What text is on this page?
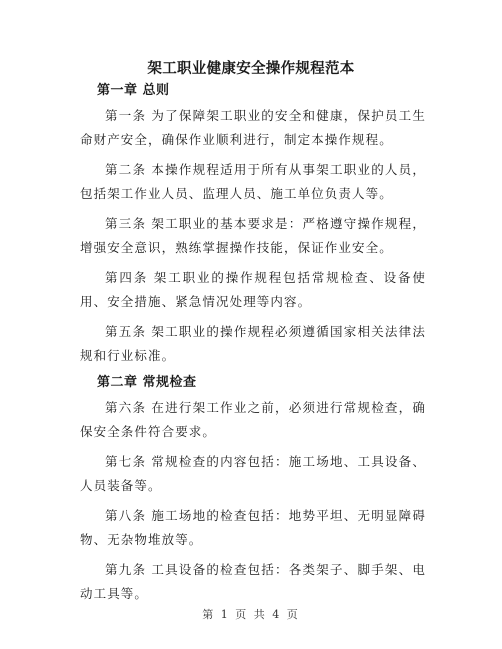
架工职业健康安全操作规程范本
第一章 总则

第一条 为了保障架工职业的安全和健康，保护员工生命财产安全，确保作业顺利进行，制定本操作规程。

第二条 本操作规程适用于所有从事架工职业的人员，包括架工作业人员、监理人员、施工单位负责人等。

第三条 架工职业的基本要求是：严格遵守操作规程，增强安全意识，熟练掌握操作技能，保证作业安全。

第四条 架工职业的操作规程包括常规检查、设备使用、安全措施、紧急情况处理等内容。

第五条 架工职业的操作规程必须遵循国家相关法律法规和行业标准。

第二章 常规检查

第六条 在进行架工作业之前，必须进行常规检查，确保安全条件符合要求。

第七条 常规检查的内容包括：施工场地、工具设备、人员装备等。

第八条 施工场地的检查包括：地势平坦、无明显障碍物、无杂物堆放等。

第九条 工具设备的检查包括：各类架子、脚手架、电动工具等。

第 1 页 共 4 页
